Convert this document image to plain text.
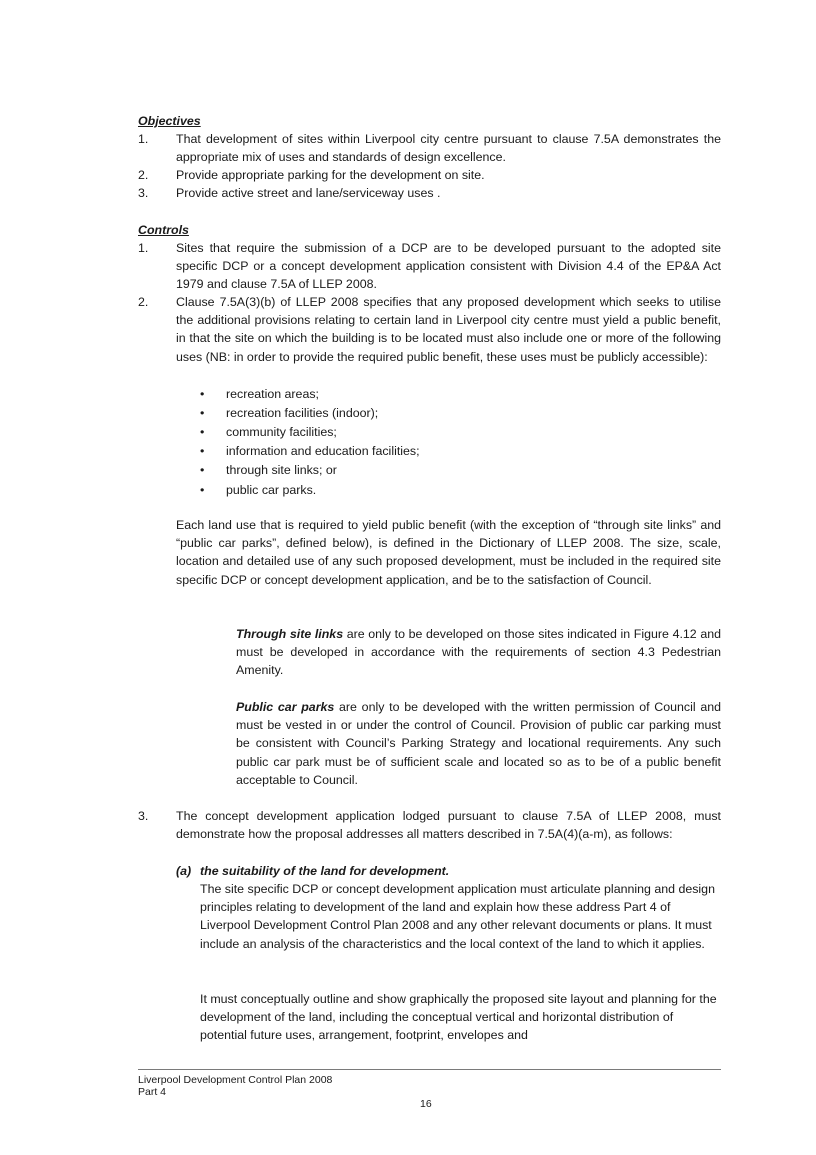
Objectives
1. That development of sites within Liverpool city centre pursuant to clause 7.5A demonstrates the appropriate mix of uses and standards of design excellence.
2. Provide appropriate parking for the development on site.
3. Provide active street and lane/serviceway uses .
Controls
1. Sites that require the submission of a DCP are to be developed pursuant to the adopted site specific DCP or a concept development application consistent with Division 4.4 of the EP&A Act 1979 and clause 7.5A of LLEP 2008.
2. Clause 7.5A(3)(b) of LLEP 2008 specifies that any proposed development which seeks to utilise the additional provisions relating to certain land in Liverpool city centre must yield a public benefit, in that the site on which the building is to be located must also include one or more of the following uses (NB: in order to provide the required public benefit, these uses must be publicly accessible):
• recreation areas;
• recreation facilities (indoor);
• community facilities;
• information and education facilities;
• through site links; or
• public car parks.
Each land use that is required to yield public benefit (with the exception of “through site links” and “public car parks”, defined below), is defined in the Dictionary of LLEP 2008. The size, scale, location and detailed use of any such proposed development, must be included in the required site specific DCP or concept development application, and be to the satisfaction of Council.
Through site links are only to be developed on those sites indicated in Figure 4.12 and must be developed in accordance with the requirements of section 4.3 Pedestrian Amenity.
Public car parks are only to be developed with the written permission of Council and must be vested in or under the control of Council. Provision of public car parking must be consistent with Council’s Parking Strategy and locational requirements. Any such public car park must be of sufficient scale and located so as to be of a public benefit acceptable to Council.
3. The concept development application lodged pursuant to clause 7.5A of LLEP 2008, must demonstrate how the proposal addresses all matters described in 7.5A(4)(a-m), as follows:
(a) the suitability of the land for development.
The site specific DCP or concept development application must articulate planning and design principles relating to development of the land and explain how these address Part 4 of Liverpool Development Control Plan 2008 and any other relevant documents or plans. It must include an analysis of the characteristics and the local context of the land to which it applies.
It must conceptually outline and show graphically the proposed site layout and planning for the development of the land, including the conceptual vertical and horizontal distribution of potential future uses, arrangement, footprint, envelopes and
Liverpool Development Control Plan 2008
Part 4
16
